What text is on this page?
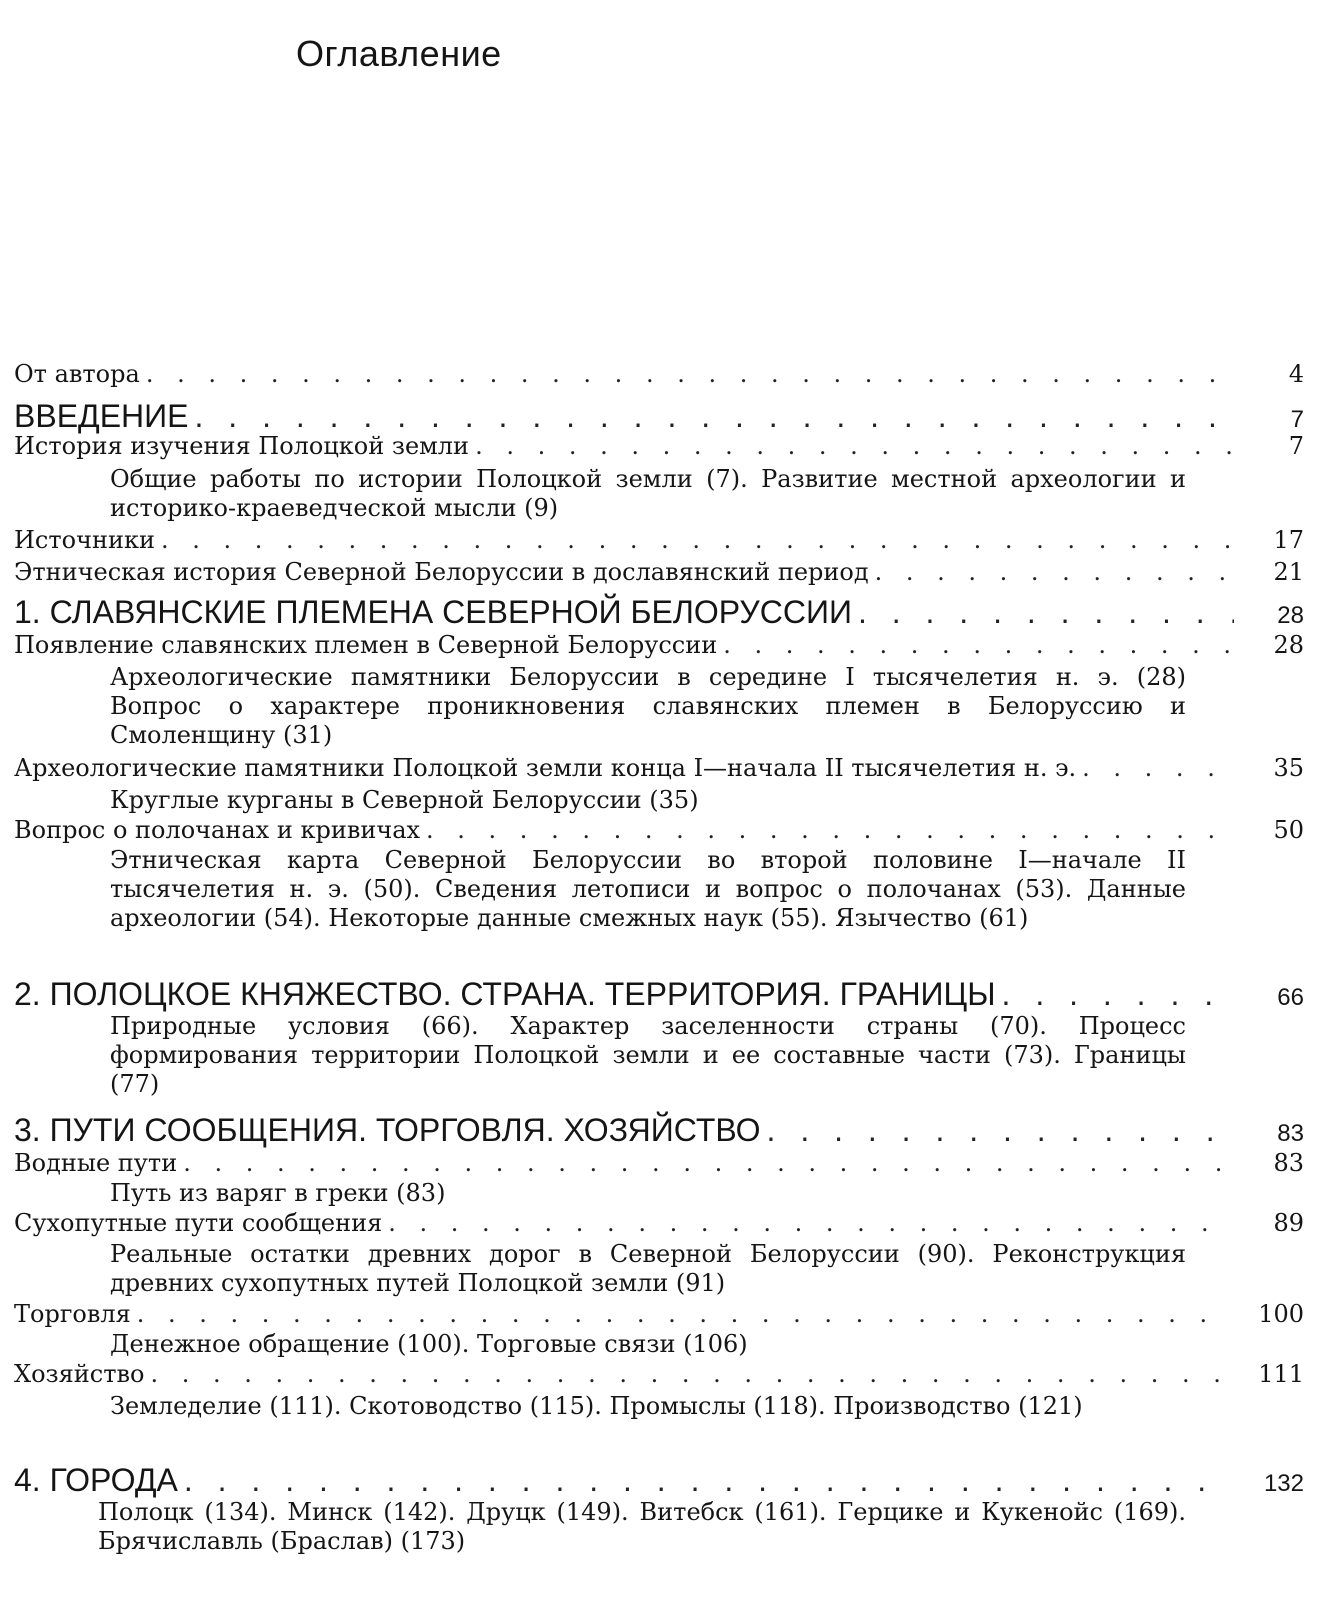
Оглавление
От автора . . .	4
ВВЕДЕНИЕ . . .	7
История изучения Полоцкой земли . . .	7
Общие работы по истории Полоцкой земли (7). Развитие местной археологии и историко-краеведческой мысли (9)
Источники . . .	17
Этническая история Северной Белоруссии в дославянский период . . .	21
1. СЛАВЯНСКИЕ ПЛЕМЕНА СЕВЕРНОЙ БЕЛОРУССИИ . . .	28
Появление славянских племен в Северной Белоруссии . . .	28
Археологические памятники Белоруссии в середине I тысячелетия н. э. (28) Вопрос о характере проникновения славянских племен в Белоруссию и Смоленщину (31)
Археологические памятники Полоцкой земли конца I—начала II тысячелетия н. э. . . .	35
Круглые курганы в Северной Белоруссии (35)
Вопрос о полочанах и кривичах . . .	50
Этническая карта Северной Белоруссии во второй половине I—начале II тысячелетия н. э. (50). Сведения летописи и вопрос о полочанах (53). Данные археологии (54). Некоторые данные смежных наук (55). Язычество (61)
2. ПОЛОЦКОЕ КНЯЖЕСТВО. СТРАНА. ТЕРРИТОРИЯ. ГРАНИЦЫ . . .	66
Природные условия (66). Характер заселенности страны (70). Процесс формирования территории Полоцкой земли и ее составные части (73). Границы (77)
3. ПУТИ СООБЩЕНИЯ. ТОРГОВЛЯ. ХОЗЯЙСТВО . . .	83
Водные пути . . .	83
Путь из варяг в греки (83)
Сухопутные пути сообщения . . .	89
Реальные остатки древних дорог в Северной Белоруссии (90). Реконструкция древних сухопутных путей Полоцкой земли (91)
Торговля . . .	100
Денежное обращение (100). Торговые связи (106)
Хозяйство . . .	111
Земледелие (111). Скотоводство (115). Промыслы (118). Производство (121)
4. ГОРОДА . . .	132
Полоцк (134). Минск (142). Друцк (149). Витебск (161). Герцике и Кукенойс (169). Брячиславль (Браслав) (173)
